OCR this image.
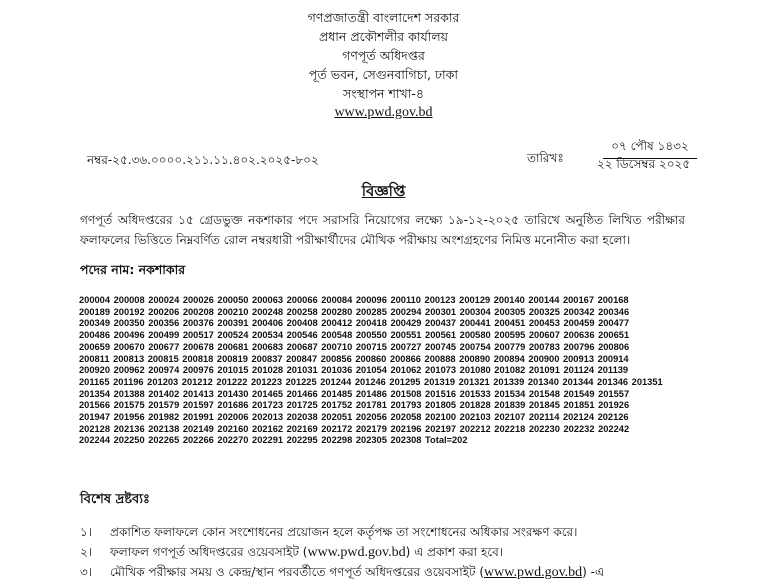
গণপ্রজাতন্ত্রী বাংলাদেশ সরকার
প্রধান প্রকৌশলীর কার্যালয়
গণপূর্ত অধিদপ্তর
পূর্ত ভবন, সেগুনবাগিচা, ঢাকা
সংস্থাপন শাখা-৪
www.pwd.gov.bd
নম্বর-২৫.৩৬.০০০০.২১১.১১.৪০২.২০২৫-৮০২	তারিখঃ
০৭ পৌষ ১৪৩২
২২ ডিসেম্বর ২০২৫
বিজ্ঞপ্তি
গণপূর্ত অধিদপ্তরের ১৫ গ্রেডভুক্ত নকশাকার পদে সরাসরি নিয়োগের লক্ষ্যে ১৯-১২-২০২৫ তারিখে অনুষ্ঠিত লিখিত পরীক্ষার ফলাফলের ভিত্তিতে নিম্নবর্ণিত রোল নম্বরধারী পরীক্ষার্থীদের মৌখিক পরীক্ষায় অংশগ্রহণের নিমিত্ত মনোনীত করা হলো।
পদের নাম: নকশাকার
200004 200008 200024 200026 200050 200063 200066 200084 200096 200110 200123 200129 200140 200144 200167 200168
200189 200192 200206 200208 200210 200248 200258 200280 200285 200294 200301 200304 200305 200325 200342 200346
200349 200350 200356 200376 200391 200406 200408 200412 200418 200429 200437 200441 200451 200453 200459 200477
200486 200496 200499 200517 200524 200534 200546 200548 200550 200551 200561 200580 200595 200607 200636 200651
200659 200670 200677 200678 200681 200683 200687 200710 200715 200727 200745 200754 200779 200783 200796 200806
200811 200813 200815 200818 200819 200837 200847 200856 200860 200866 200888 200890 200894 200900 200913 200914
200920 200962 200974 200976 201015 201028 201031 201036 201054 201062 201073 201080 201082 201091 201124 201139
201165 201196 201203 201212 201222 201223 201225 201244 201246 201295 201319 201321 201339 201340 201344 201346 201351
201354 201388 201402 201413 201430 201465 201466 201485 201486 201508 201516 201533 201534 201548 201549 201557
201566 201575 201579 201597 201686 201723 201725 201752 201781 201793 201805 201828 201839 201845 201851 201926
201947 201956 201982 201991 202006 202013 202038 202051 202056 202058 202100 202103 202107 202114 202124 202126
202128 202136 202138 202149 202160 202162 202169 202172 202179 202196 202197 202212 202218 202230 202232 202242
202244 202250 202265 202266 202270 202291 202295 202298 202305 202308 Total=202
বিশেষ দ্রষ্টব্যঃ
১।	প্রকাশিত ফলাফলে কোন সংশোধনের প্রয়োজন হলে কর্তৃপক্ষ তা সংশোধনের অধিকার সংরক্ষণ করে।
২।	ফলাফল গণপূর্ত অধিদপ্তরের ওয়েবসাইট (www.pwd.gov.bd) এ প্রকাশ করা হবে।
৩।	মৌখিক পরীক্ষার সময় ও কেন্দ্র/স্থান পরবর্তীতে গণপূর্ত অধিদপ্তরের ওয়েবসাইট (www.pwd.gov.bd) -এ
